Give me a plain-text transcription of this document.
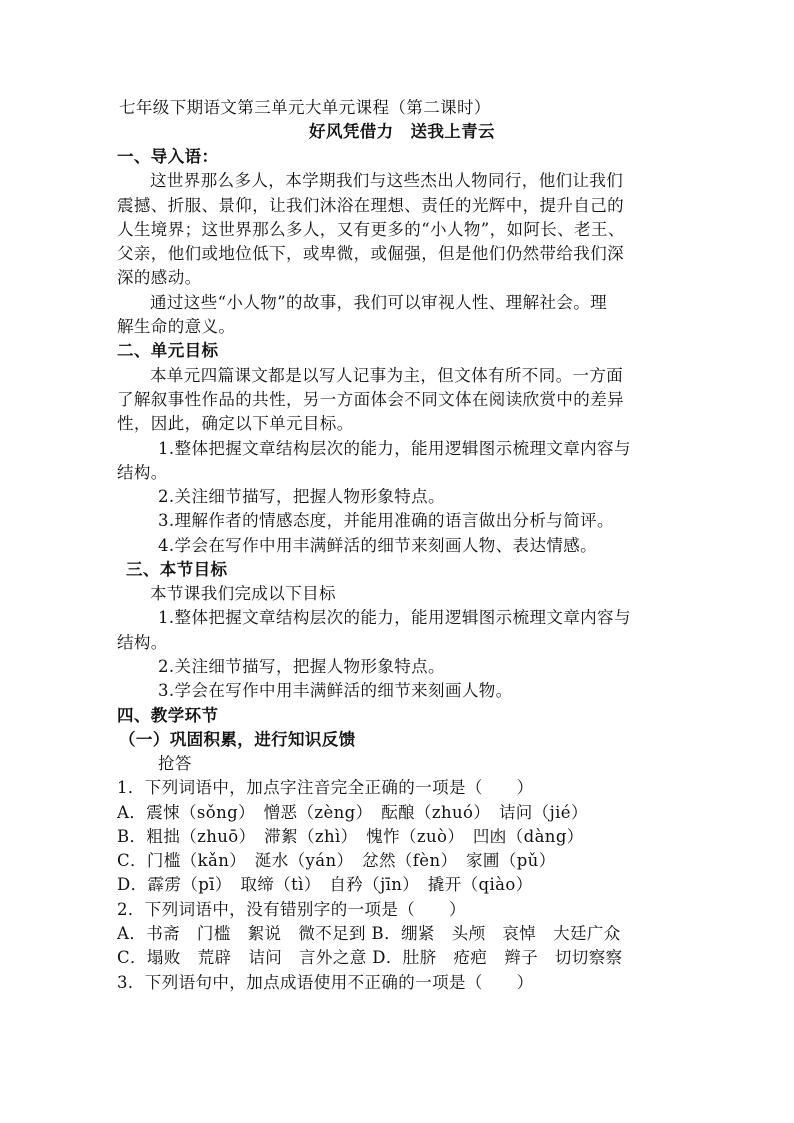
七年级下期语文第三单元大单元课程（第二课时）
好风凭借力　送我上青云
一、导入语：
这世界那么多人，本学期我们与这些杰出人物同行，他们让我们
震撼、折服、景仰，让我们沐浴在理想、责任的光辉中，提升自己的
人生境界；这世界那么多人，又有更多的“小人物”，如阿长、老王、
父亲，他们或地位低下，或卑微，或倔强，但是他们仍然带给我们深
深的感动。
通过这些“小人物”的故事，我们可以审视人性、理解社会。理
解生命的意义。
二、单元目标
本单元四篇课文都是以写人记事为主，但文体有所不同。一方面
了解叙事性作品的共性，另一方面体会不同文体在阅读欣赏中的差异
性，因此，确定以下单元目标。
1.整体把握文章结构层次的能力，能用逻辑图示梳理文章内容与
结构。
2.关注细节描写，把握人物形象特点。
3.理解作者的情感态度，并能用准确的语言做出分析与简评。
4.学会在写作中用丰满鲜活的细节来刻画人物、表达情感。
三、本节目标
本节课我们完成以下目标
1.整体把握文章结构层次的能力，能用逻辑图示梳理文章内容与
结构。
2.关注细节描写，把握人物形象特点。
3.学会在写作中用丰满鲜活的细节来刻画人物。
四、教学环节
（一）巩固积累，进行知识反馈
抢答
1．下列词语中，加点字注音完全正确的一项是（　　）
A．震悚（sǒng）　憎恶（zèng）　酝酿（zhuó）　诘问（jié）
B．粗拙（zhuō）　滞絮（zhì）　愧怍（zuò）　凹凼（dàng）
C．门槛（kǎn）　涎水（yán）　忿然（fèn）　家圃（pǔ）
D．霹雳（pī）　取缔（tì）　自矜（jīn）　撬开（qiào）
2．下列词语中，没有错别字的一项是（　　）
A．书斋　门槛　絮说　微不足到 B．绷紧　头颅　哀悼　大廷广众
C．塌败　荒辟　诘问　言外之意 D．肚脐　疮疤　辫子　切切察察
3．下列语句中，加点成语使用不正确的一项是（　　）
